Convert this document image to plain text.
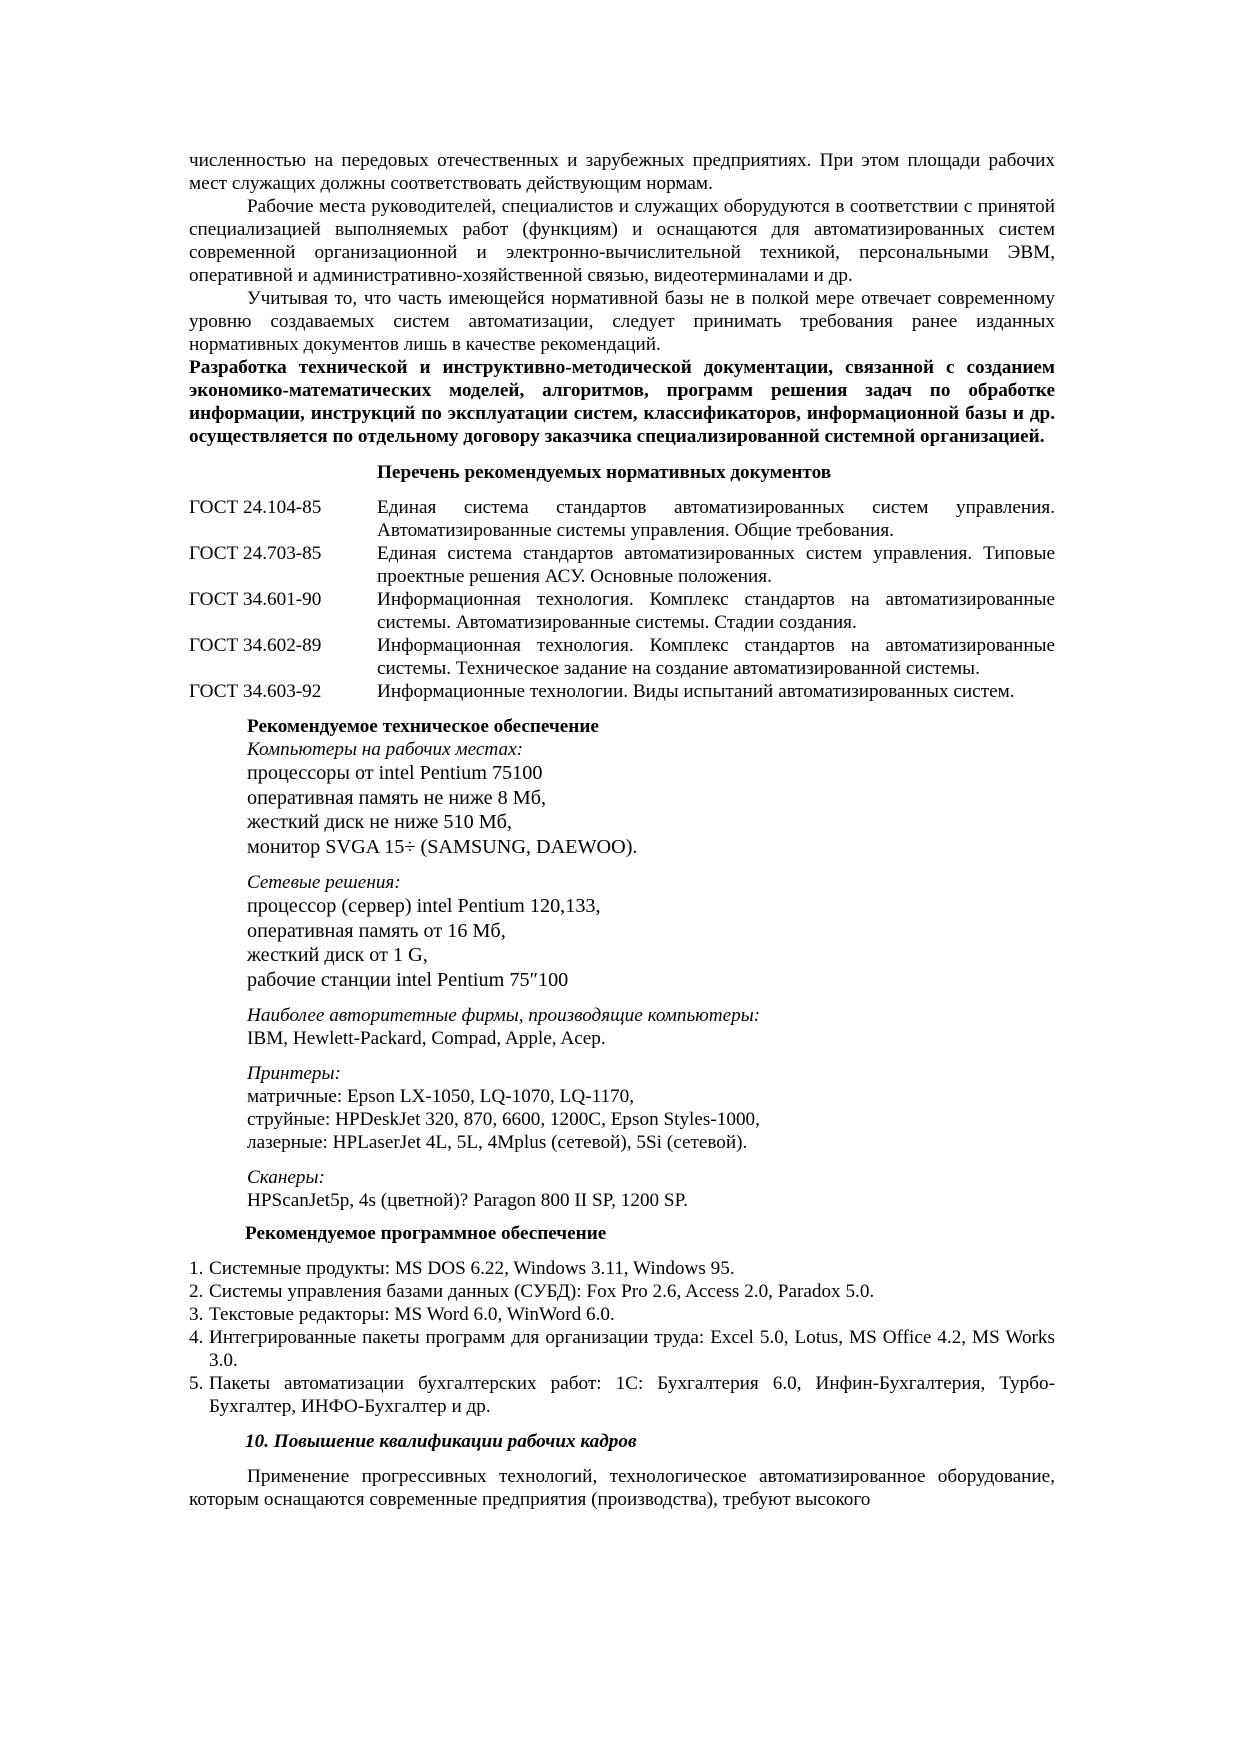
численностью на передовых отечественных и зарубежных предприятиях. При этом площади рабочих мест служащих должны соответствовать действующим нормам.

Рабочие места руководителей, специалистов и служащих оборудуются в соответствии с принятой специализацией выполняемых работ (функциям) и оснащаются для автоматизированных систем современной организационной и электронно-вычислительной техникой, персональными ЭВМ, оперативной и административно-хозяйственной связью, видеотерминалами и др.

Учитывая то, что часть имеющейся нормативной базы не в полкой мере отвечает современному уровню создаваемых систем автоматизации, следует принимать требования ранее изданных нормативных документов лишь в качестве рекомендаций.

Разработка технической и инструктивно-методической документации, связанной с созданием экономико-математических моделей, алгоритмов, программ решения задач по обработке информации, инструкций по эксплуатации систем, классификаторов, информационной базы и др. осуществляется по отдельному договору заказчика специализированной системной организацией.

Перечень рекомендуемых нормативных документов

ГОСТ 24.104-85	Единая система стандартов автоматизированных систем управления. Автоматизированные системы управления. Общие требования.
ГОСТ 24.703-85	Единая система стандартов автоматизированных систем управления. Типовые проектные решения АСУ. Основные положения.
ГОСТ 34.601-90	Информационная технология. Комплекс стандартов на автоматизированные системы. Автоматизированные системы. Стадии создания.
ГОСТ 34.602-89	Информационная технология. Комплекс стандартов на автоматизированные системы. Техническое задание на создание автоматизированной системы.
ГОСТ 34.603-92	Информационные технологии. Виды испытаний автоматизированных систем.

Рекомендуемое техническое обеспечение

Компьютеры на рабочих местах:

процессоры от intel Pentium 75100

оперативная память не ниже 8 Мб,

жесткий диск не ниже 510 Мб,

монитор SVGA 15÷ (SAMSUNG, DAEWOO).

Сетевые решения:

процессор (сервер) intel Pentium 120,133,

оперативная память от 16 Мб,

жесткий диск от 1 G,

рабочие станции intel Pentium 75″100

Наиболее авторитетные фирмы, производящие компьютеры:

IBM, Hewlett-Packard, Compad, Apple, Acep.

Принтеры:

матричные: Epson LX-1050, LQ-1070, LQ-1170,

струйные: HPDeskJet 320, 870, 6600, 1200C, Epson Styles-1000,

лазерные: HPLaserJet 4L, 5L, 4Mplus (сетевой), 5Si (сетевой).

Сканеры:

HPScanJet5p, 4s (цветной)? Paragon 800 II SP, 1200 SP.

Рекомендуемое программное обеспечение

1. Системные продукты: MS DOS 6.22, Windows 3.11, Windows 95.
2. Системы управления базами данных (СУБД): Fox Pro 2.6, Access 2.0, Paradox 5.0.
3. Текстовые редакторы: MS Word 6.0, WinWord 6.0.
4. Интегрированные пакеты программ для организации труда: Excel 5.0, Lotus, MS Office 4.2, MS Works 3.0.
5. Пакеты автоматизации бухгалтерских работ: 1С: Бухгалтерия 6.0, Инфин-Бухгалтерия, Турбо-Бухгалтер, ИНФО-Бухгалтер и др.

10. Повышение квалификации рабочих кадров

Применение прогрессивных технологий, технологическое автоматизированное оборудование, которым оснащаются современные предприятия (производства), требуют высокого
